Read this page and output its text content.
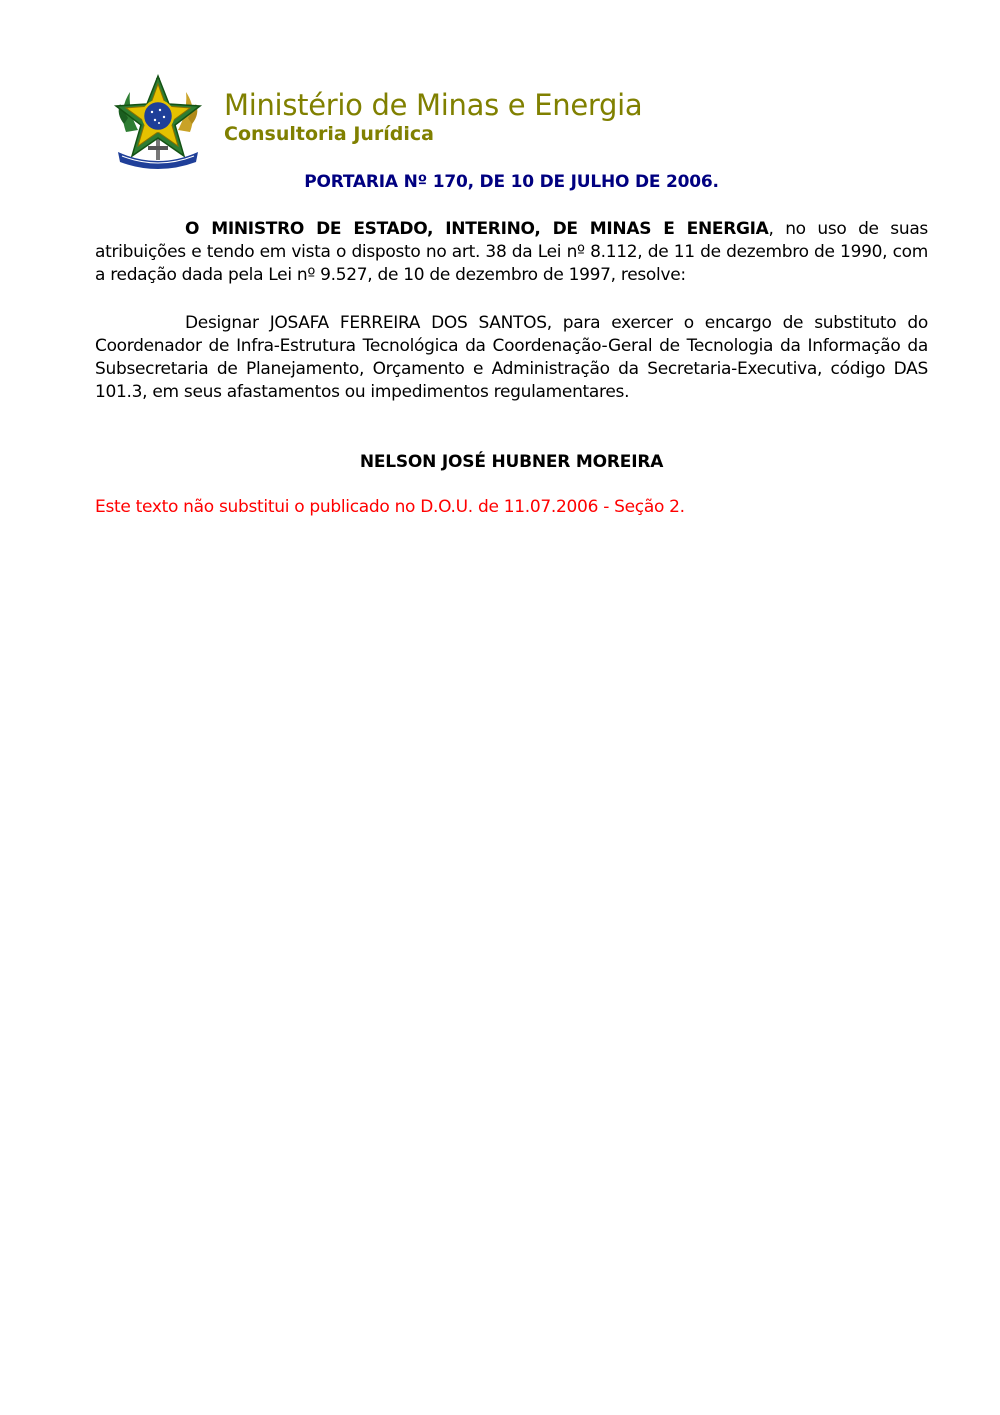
Ministério de Minas e Energia
Consultoria Jurídica
PORTARIA Nº 170, DE 10 DE JULHO DE 2006.
O MINISTRO DE ESTADO, INTERINO, DE MINAS E ENERGIA, no uso de suas atribuições e tendo em vista o disposto no art. 38 da Lei nº 8.112, de 11 de dezembro de 1990, com a redação dada pela Lei nº 9.527, de 10 de dezembro de 1997, resolve:
Designar JOSAFA FERREIRA DOS SANTOS, para exercer o encargo de substituto do Coordenador de Infra-Estrutura Tecnológica da Coordenação-Geral de Tecnologia da Informação da Subsecretaria de Planejamento, Orçamento e Administração da Secretaria-Executiva, código DAS 101.3, em seus afastamentos ou impedimentos regulamentares.
NELSON JOSÉ HUBNER MOREIRA
Este texto não substitui o publicado no D.O.U. de 11.07.2006 - Seção 2.
